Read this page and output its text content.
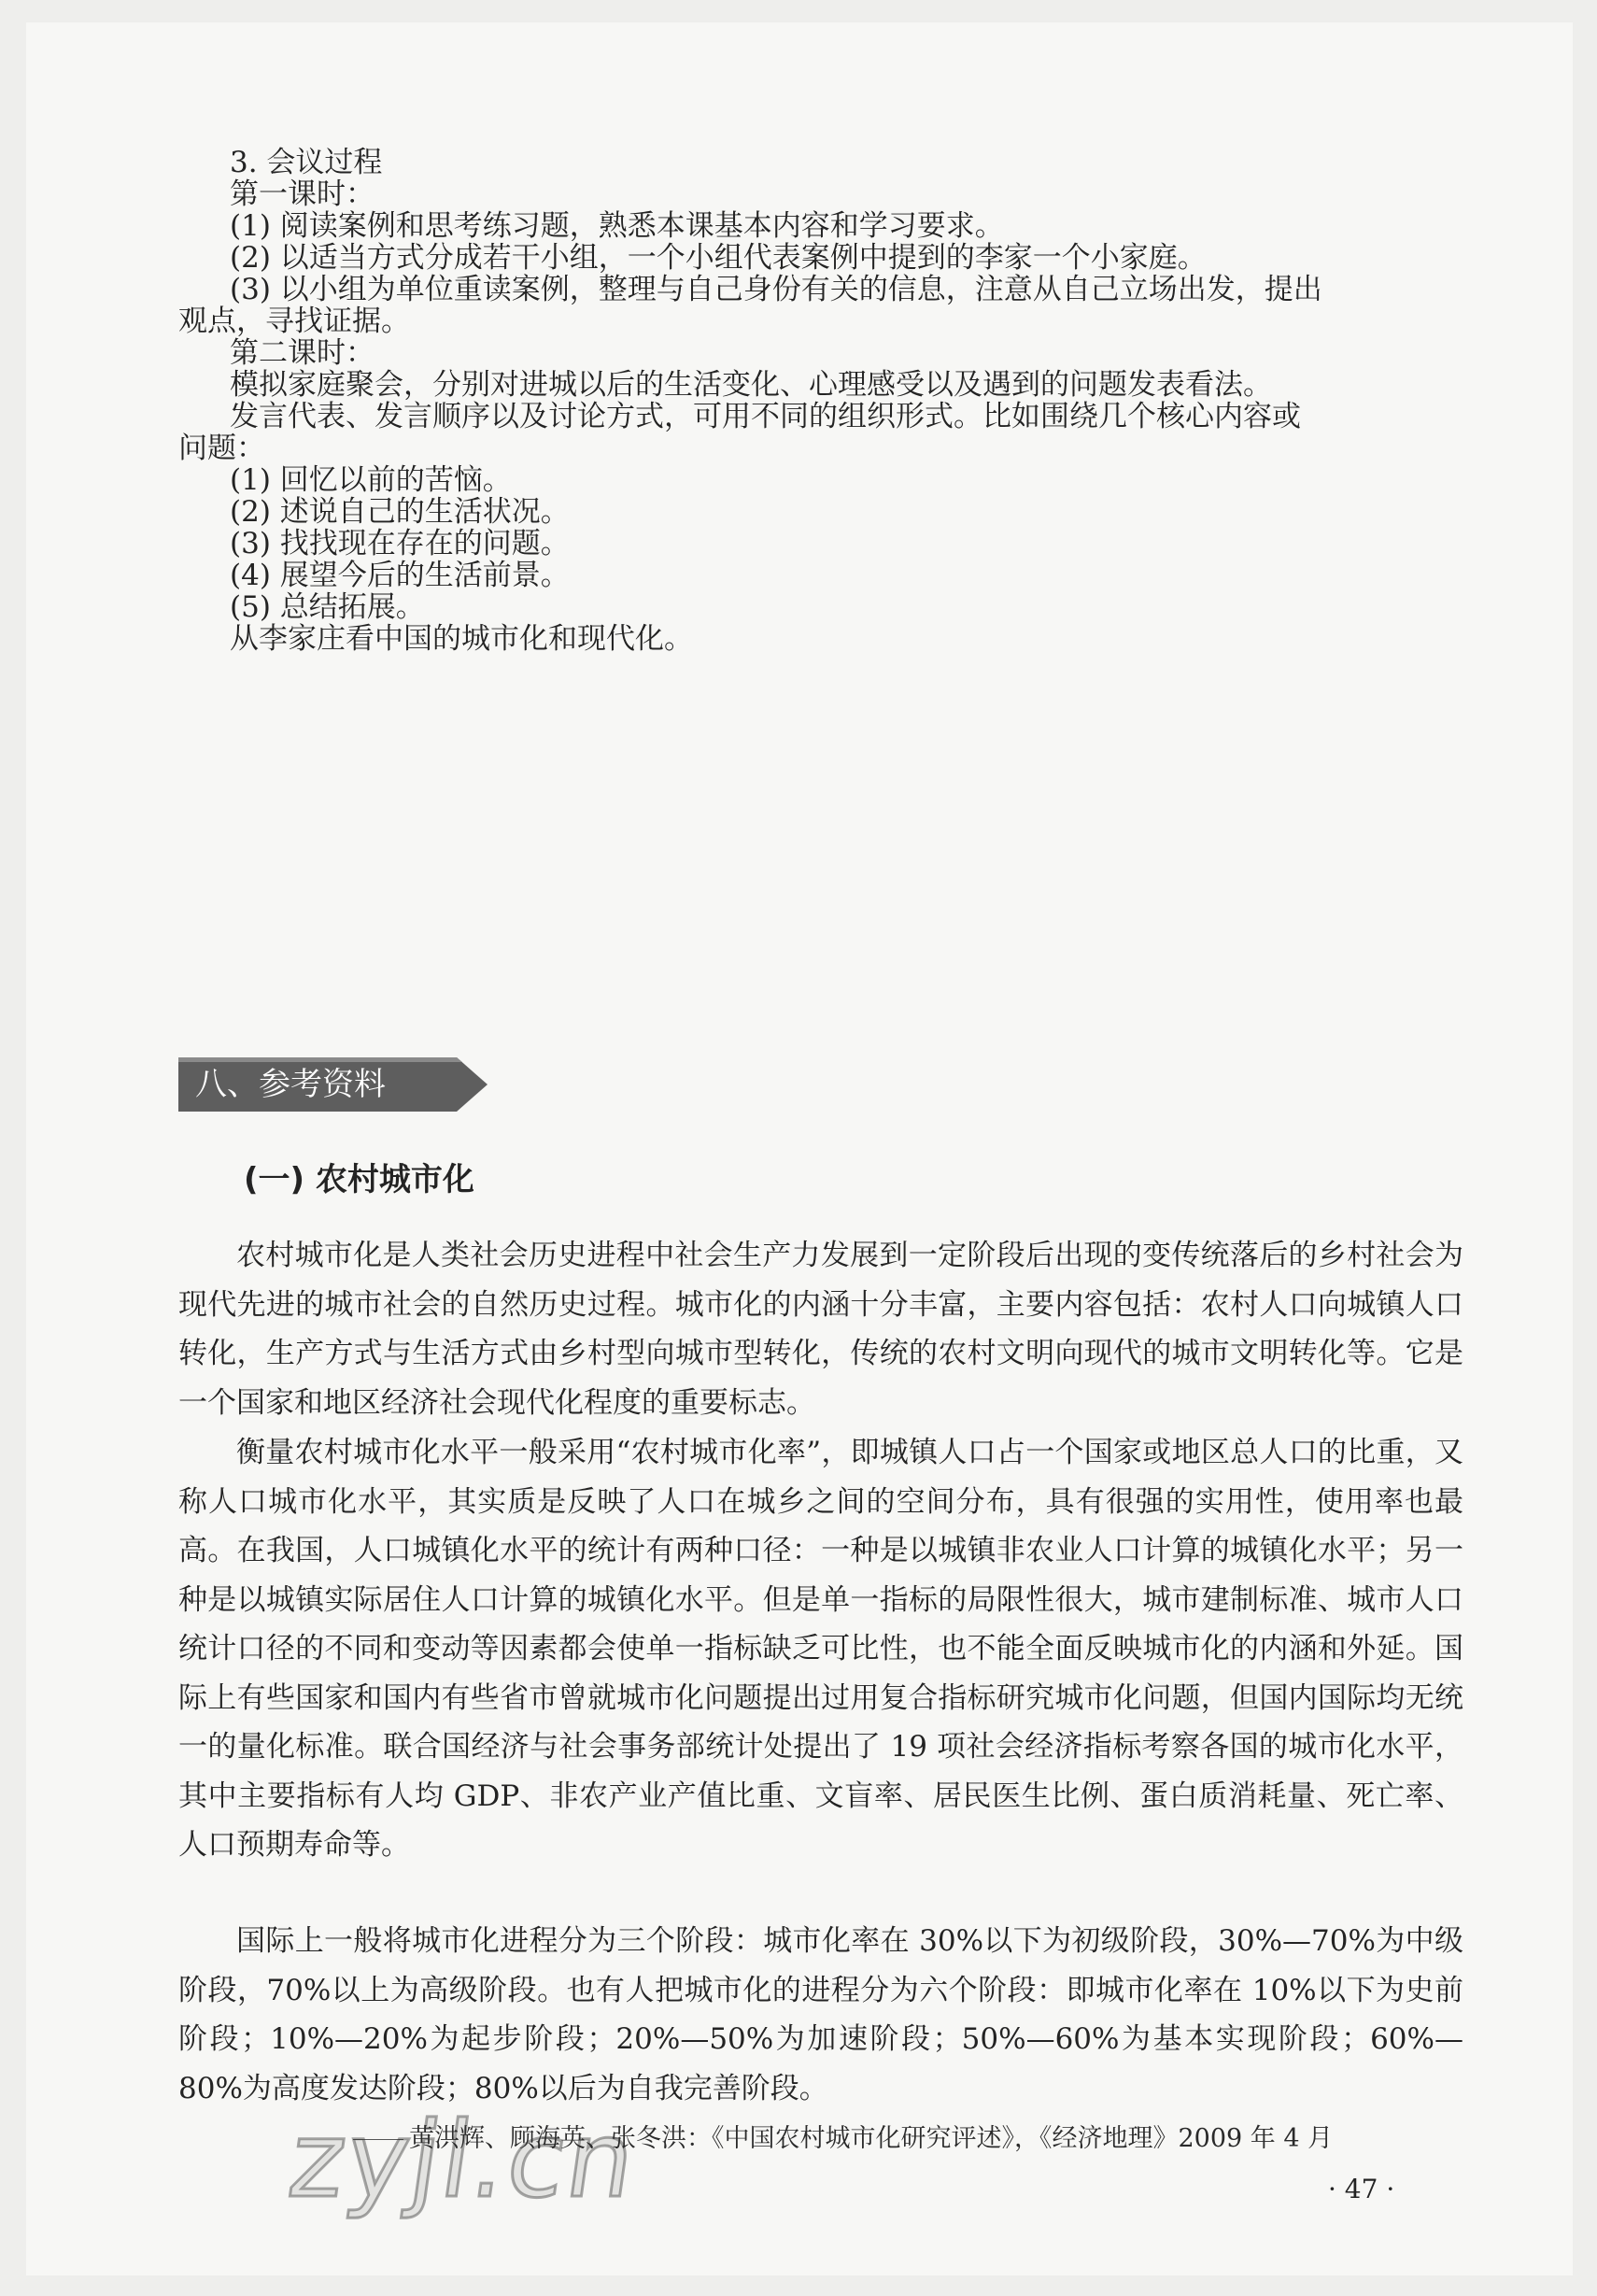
3. 会议过程
第一课时：
(1) 阅读案例和思考练习题，熟悉本课基本内容和学习要求。
(2) 以适当方式分成若干小组，一个小组代表案例中提到的李家一个小家庭。
(3) 以小组为单位重读案例，整理与自己身份有关的信息，注意从自己立场出发，提出
观点，寻找证据。
第二课时：
模拟家庭聚会，分别对进城以后的生活变化、心理感受以及遇到的问题发表看法。
发言代表、发言顺序以及讨论方式，可用不同的组织形式。比如围绕几个核心内容或
问题：
(1) 回忆以前的苦恼。
(2) 述说自己的生活状况。
(3) 找找现在存在的问题。
(4) 展望今后的生活前景。
(5) 总结拓展。
从李家庄看中国的城市化和现代化。
八、参考资料
(一) 农村城市化
农村城市化是人类社会历史进程中社会生产力发展到一定阶段后出现的变传统落后的乡村社会为现代先进的城市社会的自然历史过程。城市化的内涵十分丰富，主要内容包括：农村人口向城镇人口转化，生产方式与生活方式由乡村型向城市型转化，传统的农村文明向现代的城市文明转化等。它是一个国家和地区经济社会现代化程度的重要标志。
衡量农村城市化水平一般采用“农村城市化率”，即城镇人口占一个国家或地区总人口的比重，又称人口城市化水平，其实质是反映了人口在城乡之间的空间分布，具有很强的实用性，使用率也最高。在我国，人口城镇化水平的统计有两种口径：一种是以城镇非农业人口计算的城镇化水平；另一种是以城镇实际居住人口计算的城镇化水平。但是单一指标的局限性很大，城市建制标准、城市人口统计口径的不同和变动等因素都会使单一指标缺乏可比性，也不能全面反映城市化的内涵和外延。国际上有些国家和国内有些省市曾就城市化问题提出过用复合指标研究城市化问题，但国内国际均无统一的量化标准。联合国经济与社会事务部统计处提出了 19 项社会经济指标考察各国的城市化水平，其中主要指标有人均 GDP、非农产业产值比重、文盲率、居民医生比例、蛋白质消耗量、死亡率、人口预期寿命等。
国际上一般将城市化进程分为三个阶段：城市化率在 30%以下为初级阶段，30%—70%为中级阶段，70%以上为高级阶段。也有人把城市化的进程分为六个阶段：即城市化率在 10%以下为史前阶段；10%—20%为起步阶段；20%—50%为加速阶段；50%—60%为基本实现阶段；60%—80%为高度发达阶段；80%以后为自我完善阶段。
黄洪辉、顾海英、张冬洪：《中国农村城市化研究评述》，《经济地理》2009 年 4 月
zyjl.cn	· 47 ·
